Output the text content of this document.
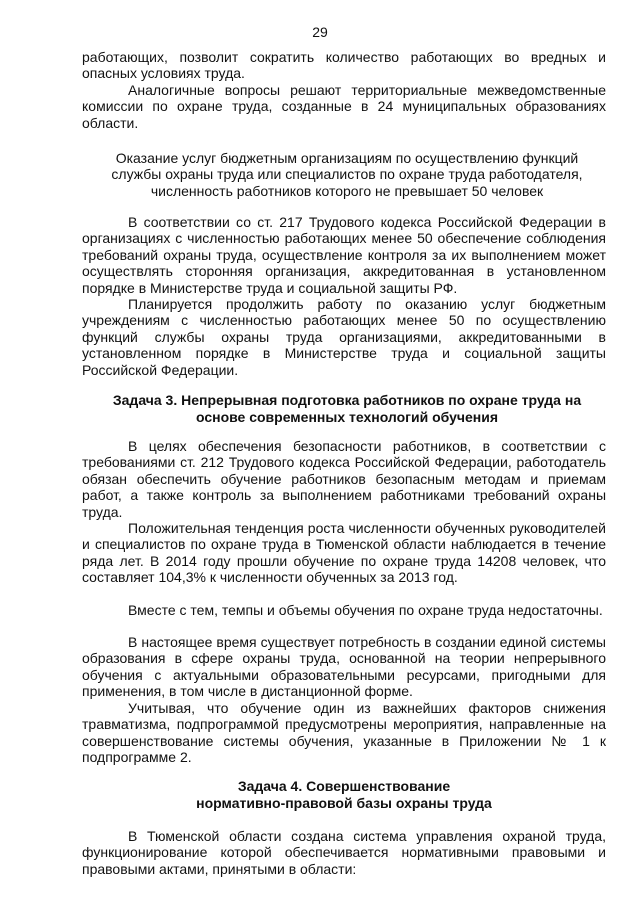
29

работающих, позволит сократить количество работающих во вредных и опасных условиях труда.

Аналогичные вопросы решают территориальные межведомственные комиссии по охране труда, созданные в 24 муниципальных образованиях области.

Оказание услуг бюджетным организациям по осуществлению функций службы охраны труда или специалистов по охране труда работодателя, численность работников которого не превышает 50 человек

В соответствии со ст. 217 Трудового кодекса Российской Федерации в организациях с численностью работающих менее 50 обеспечение соблюдения требований охраны труда, осуществление контроля за их выполнением может осуществлять сторонняя организация, аккредитованная в установленном порядке в Министерстве труда и социальной защиты РФ.

Планируется продолжить работу по оказанию услуг бюджетным учреждениям с численностью работающих менее 50 по осуществлению функций службы охраны труда организациями, аккредитованными в установленном порядке в Министерстве труда и социальной защиты Российской Федерации.

Задача 3. Непрерывная подготовка работников по охране труда на основе современных технологий обучения

В целях обеспечения безопасности работников, в соответствии с требованиями ст. 212 Трудового кодекса Российской Федерации, работодатель обязан обеспечить обучение работников безопасным методам и приемам работ, а также контроль за выполнением работниками требований охраны труда.

Положительная тенденция роста численности обученных руководителей и специалистов по охране труда в Тюменской области наблюдается в течение ряда лет. В 2014 году прошли обучение по охране труда 14208 человек, что составляет 104,3% к численности обученных за 2013 год.

Вместе с тем, темпы и объемы обучения по охране труда недостаточны.

В настоящее время существует потребность в создании единой системы образования в сфере охраны труда, основанной на теории непрерывного обучения с актуальными образовательными ресурсами, пригодными для применения, в том числе в дистанционной форме.

Учитывая, что обучение один из важнейших факторов снижения травматизма, подпрограммой предусмотрены мероприятия, направленные на совершенствование системы обучения, указанные в Приложении № 1 к подпрограмме 2.

Задача 4. Совершенствование

нормативно-правовой базы охраны труда

В Тюменской области создана система управления охраной труда, функционирование которой обеспечивается нормативными правовыми и правовыми актами, принятыми в области:
